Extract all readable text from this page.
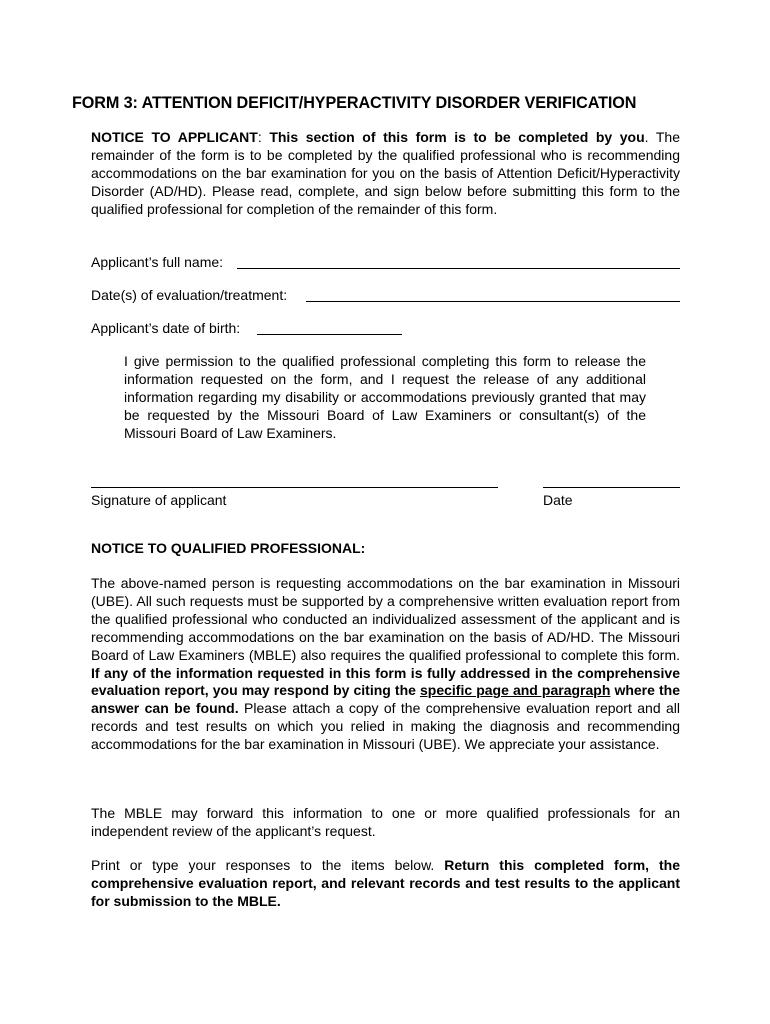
FORM 3: ATTENTION DEFICIT/HYPERACTIVITY DISORDER VERIFICATION
NOTICE TO APPLICANT: This section of this form is to be completed by you. The remainder of the form is to be completed by the qualified professional who is recommending accommodations on the bar examination for you on the basis of Attention Deficit/Hyperactivity Disorder (AD/HD). Please read, complete, and sign below before submitting this form to the qualified professional for completion of the remainder of this form.
Applicant’s full name:
Date(s) of evaluation/treatment:
Applicant’s date of birth:
I give permission to the qualified professional completing this form to release the information requested on the form, and I request the release of any additional information regarding my disability or accommodations previously granted that may be requested by the Missouri Board of Law Examiners or consultant(s) of the Missouri Board of Law Examiners.
Signature of applicant	Date
NOTICE TO QUALIFIED PROFESSIONAL:
The above-named person is requesting accommodations on the bar examination in Missouri (UBE). All such requests must be supported by a comprehensive written evaluation report from the qualified professional who conducted an individualized assessment of the applicant and is recommending accommodations on the bar examination on the basis of AD/HD. The Missouri Board of Law Examiners (MBLE) also requires the qualified professional to complete this form. If any of the information requested in this form is fully addressed in the comprehensive evaluation report, you may respond by citing the specific page and paragraph where the answer can be found. Please attach a copy of the comprehensive evaluation report and all records and test results on which you relied in making the diagnosis and recommending accommodations for the bar examination in Missouri (UBE). We appreciate your assistance.
The MBLE may forward this information to one or more qualified professionals for an independent review of the applicant’s request.
Print or type your responses to the items below. Return this completed form, the comprehensive evaluation report, and relevant records and test results to the applicant for submission to the MBLE.
